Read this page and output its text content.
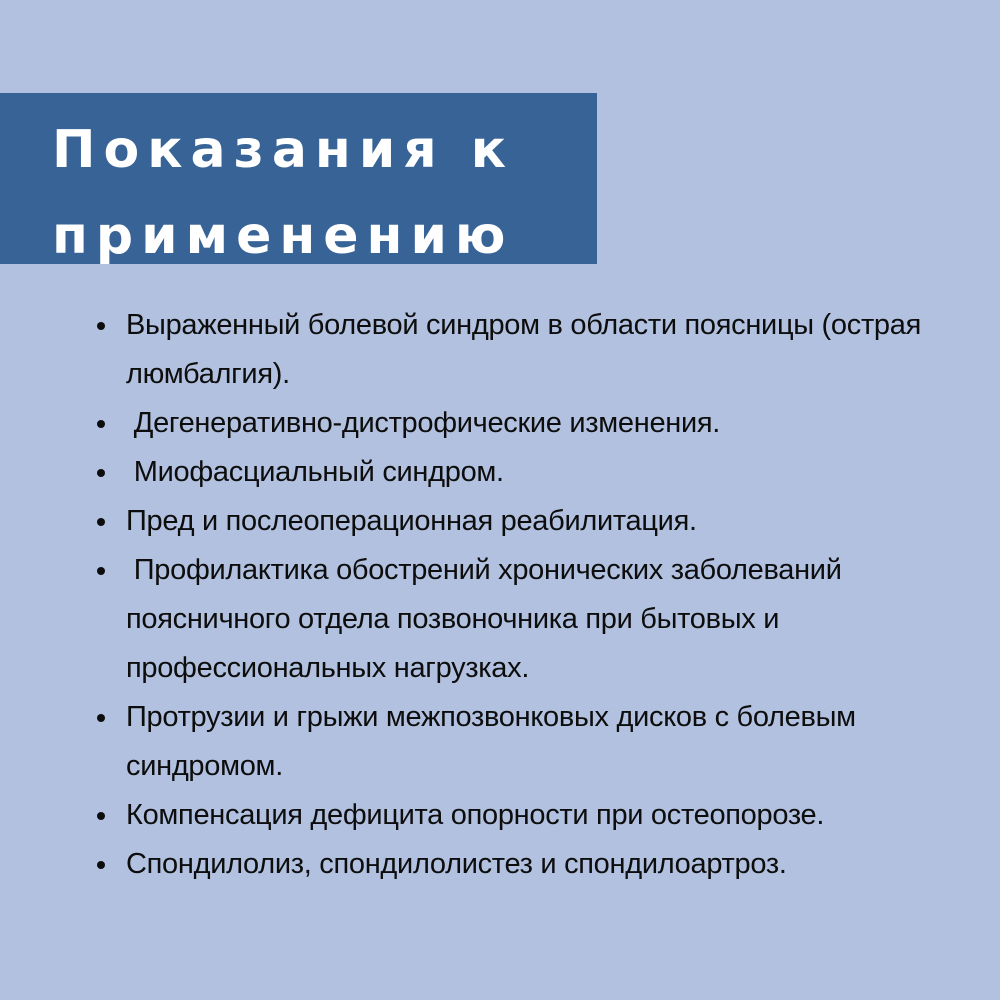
Показания к
применению
Выраженный болевой синдром в области поясницы (острая люмбалгия).
Дегенеративно-дистрофические изменения.
Миофасциальный синдром.
Пред и послеоперационная реабилитация.
Профилактика обострений хронических заболеваний поясничного отдела позвоночника при бытовых и профессиональных нагрузках.
Протрузии и грыжи межпозвонковых дисков с болевым синдромом.
Компенсация дефицита опорности при остеопорозе.
Спондилолиз, спондилолистез и спондилоартроз.
